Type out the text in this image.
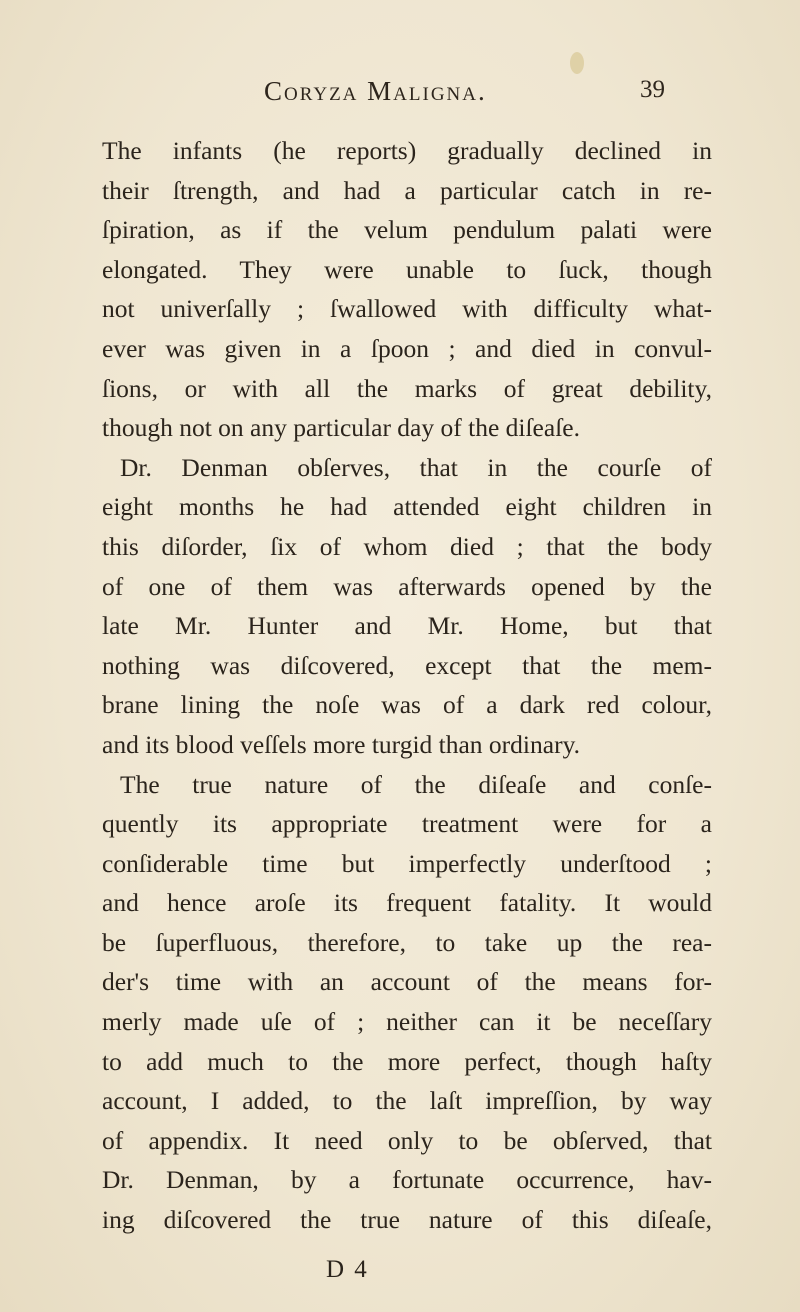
Coryza Maligna.	39
The infants (he reports) gradually declined in
their ſtrength, and had a particular catch in re-
ſpiration, as if the velum pendulum palati were
elongated. They were unable to ſuck, though
not univerſally ; ſwallowed with difficulty what-
ever was given in a ſpoon ; and died in convul-
ſions, or with all the marks of great debility,
though not on any particular day of the diſeaſe.
Dr. Denman obſerves, that in the courſe of
eight months he had attended eight children in
this diſorder, ſix of whom died ; that the body
of one of them was afterwards opened by the
late Mr. Hunter and Mr. Home, but that
nothing was diſcovered, except that the mem-
brane lining the noſe was of a dark red colour,
and its blood veſſels more turgid than ordinary.
The true nature of the diſeaſe and conſe-
quently its appropriate treatment were for a
conſiderable time but imperfectly underſtood ;
and hence aroſe its frequent fatality. It would
be ſuperfluous, therefore, to take up the rea-
der's time with an account of the means for-
merly made uſe of ; neither can it be neceſſary
to add much to the more perfect, though haſty
account, I added, to the laſt impreſſion, by way
of appendix. It need only to be obſerved, that
Dr. Denman, by a fortunate occurrence, hav-
ing diſcovered the true nature of this diſeaſe,
D 4
